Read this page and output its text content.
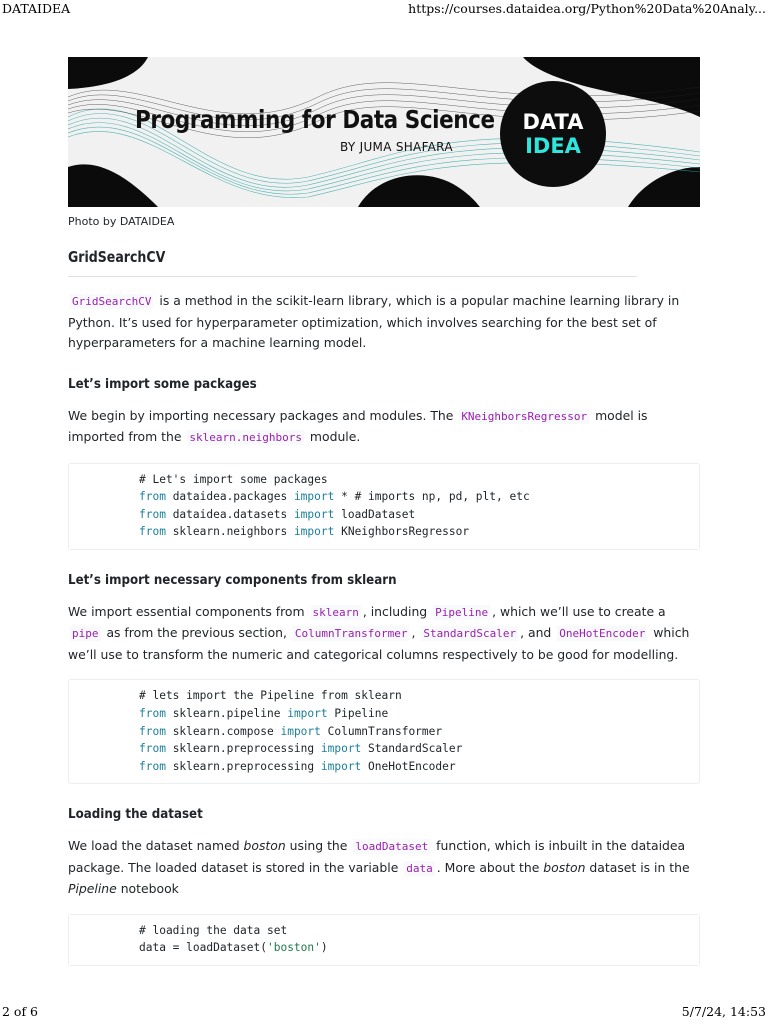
DATAIDEA	https://courses.dataidea.org/Python%20Data%20Analy...
Programming for Data Science
BY JUMA SHAFARA
DATA
IDEA
Photo by DATAIDEA
GridSearchCV

GridSearchCV is a method in the scikit-learn library, which is a popular machine learning library in Python. It’s used for hyperparameter optimization, which involves searching for the best set of hyperparameters for a machine learning model.

Let’s import some packages

We begin by importing necessary packages and modules. The KNeighborsRegressor model is imported from the sklearn.neighbors module.

# Let's import some packages
from dataidea.packages import * # imports np, pd, plt, etc
from dataidea.datasets import loadDataset
from sklearn.neighbors import KNeighborsRegressor
Let’s import necessary components from sklearn

We import essential components from sklearn , including Pipeline , which we’ll use to create a pipe as from the previous section, ColumnTransformer , StandardScaler , and OneHotEncoder which we’ll use to transform the numeric and categorical columns respectively to be good for modelling.

# lets import the Pipeline from sklearn
from sklearn.pipeline import Pipeline
from sklearn.compose import ColumnTransformer
from sklearn.preprocessing import StandardScaler
from sklearn.preprocessing import OneHotEncoder
Loading the dataset

We load the dataset named boston using the loadDataset function, which is inbuilt in the dataidea package. The loaded dataset is stored in the variable data . More about the boston dataset is in the Pipeline notebook

# loading the data set
data = loadDataset('boston')
2 of 6	5/7/24, 14:53
